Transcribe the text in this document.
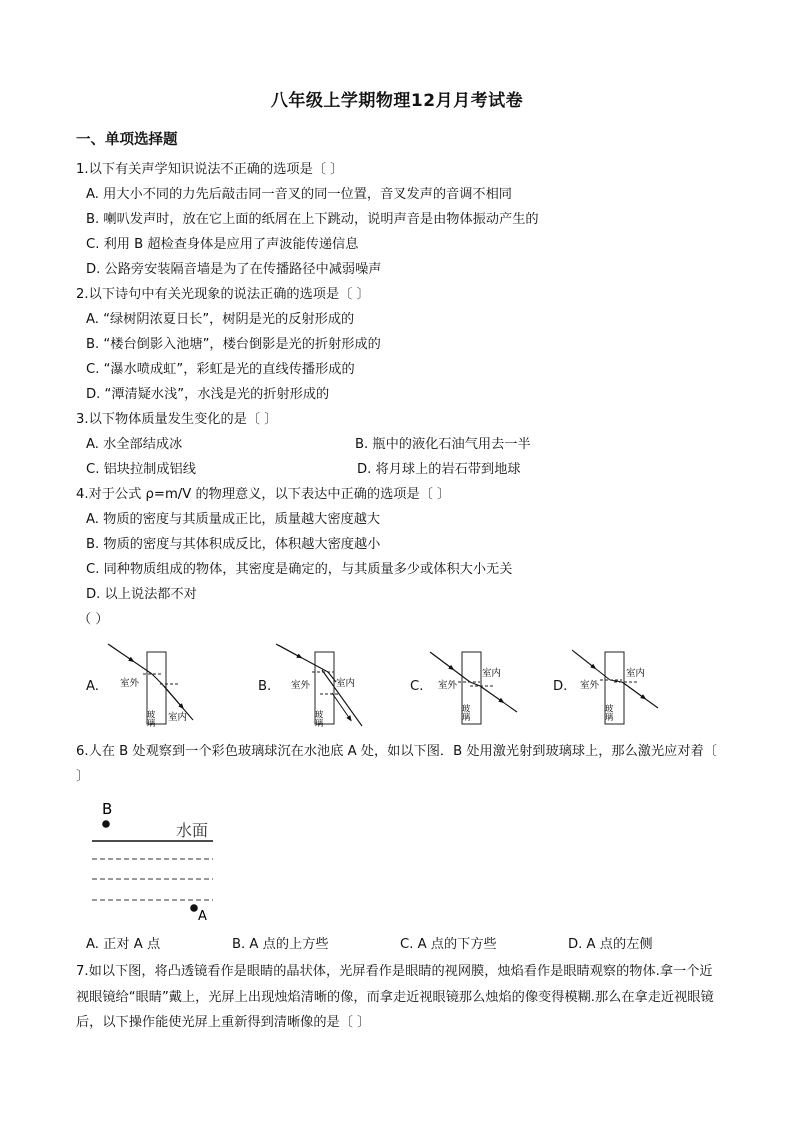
八年级上学期物理12月月考试卷
一、单项选择题
1.以下有关声学知识说法不正确的选项是〔 〕
A. 用大小不同的力先后敲击同一音叉的同一位置，音叉发声的音调不相同
B. 喇叭发声时，放在它上面的纸屑在上下跳动，说明声音是由物体振动产生的
C. 利用 B 超检查身体是应用了声波能传递信息
D. 公路旁安装隔音墙是为了在传播路径中减弱噪声
2.以下诗句中有关光现象的说法正确的选项是〔 〕
A. “绿树阴浓夏日长”，树阴是光的反射形成的
B. “楼台倒影入池塘”，楼台倒影是光的折射形成的
C. “瀑水喷成虹”，彩虹是光的直线传播形成的
D. “潭清疑水浅”，水浅是光的折射形成的
3.以下物体质量发生变化的是〔 〕
A. 水全部结成冰	B. 瓶中的液化石油气用去一半
C. 铝块拉制成铝线	D. 将月球上的岩石带到地球
4.对于公式 ρ=m/V 的物理意义，以下表达中正确的选项是〔 〕
A. 物质的密度与其质量成正比，质量越大密度越大
B. 物质的密度与其体积成反比，体积越大密度越小
C. 同种物质组成的物体，其密度是确定的，与其质量多少或体积大小无关
D. 以上说法都不对
（ ）
A. 室外
玻璃 室内
B. 室外
玻璃
室内	C. 室外
玻璃
室内
D. 室外
玻璃
室内
6.人在 B 处观察到一个彩色玻璃球沉在水池底 A 处，如以下图．B 处用激光射到玻璃球上，那么激光应对着〔 〕
B
水面
A
A. 正对 A 点	B. A 点的上方些	C. A 点的下方些	D. A 点的左侧
7.如以下图，将凸透镜看作是眼睛的晶状体，光屏看作是眼睛的视网膜，烛焰看作是眼睛观察的物体.拿一个近视眼镜给“眼睛”戴上，光屏上出现烛焰清晰的像，而拿走近视眼镜那么烛焰的像变得模糊.那么在拿走近视眼镜后，以下操作能使光屏上重新得到清晰像的是〔 〕
